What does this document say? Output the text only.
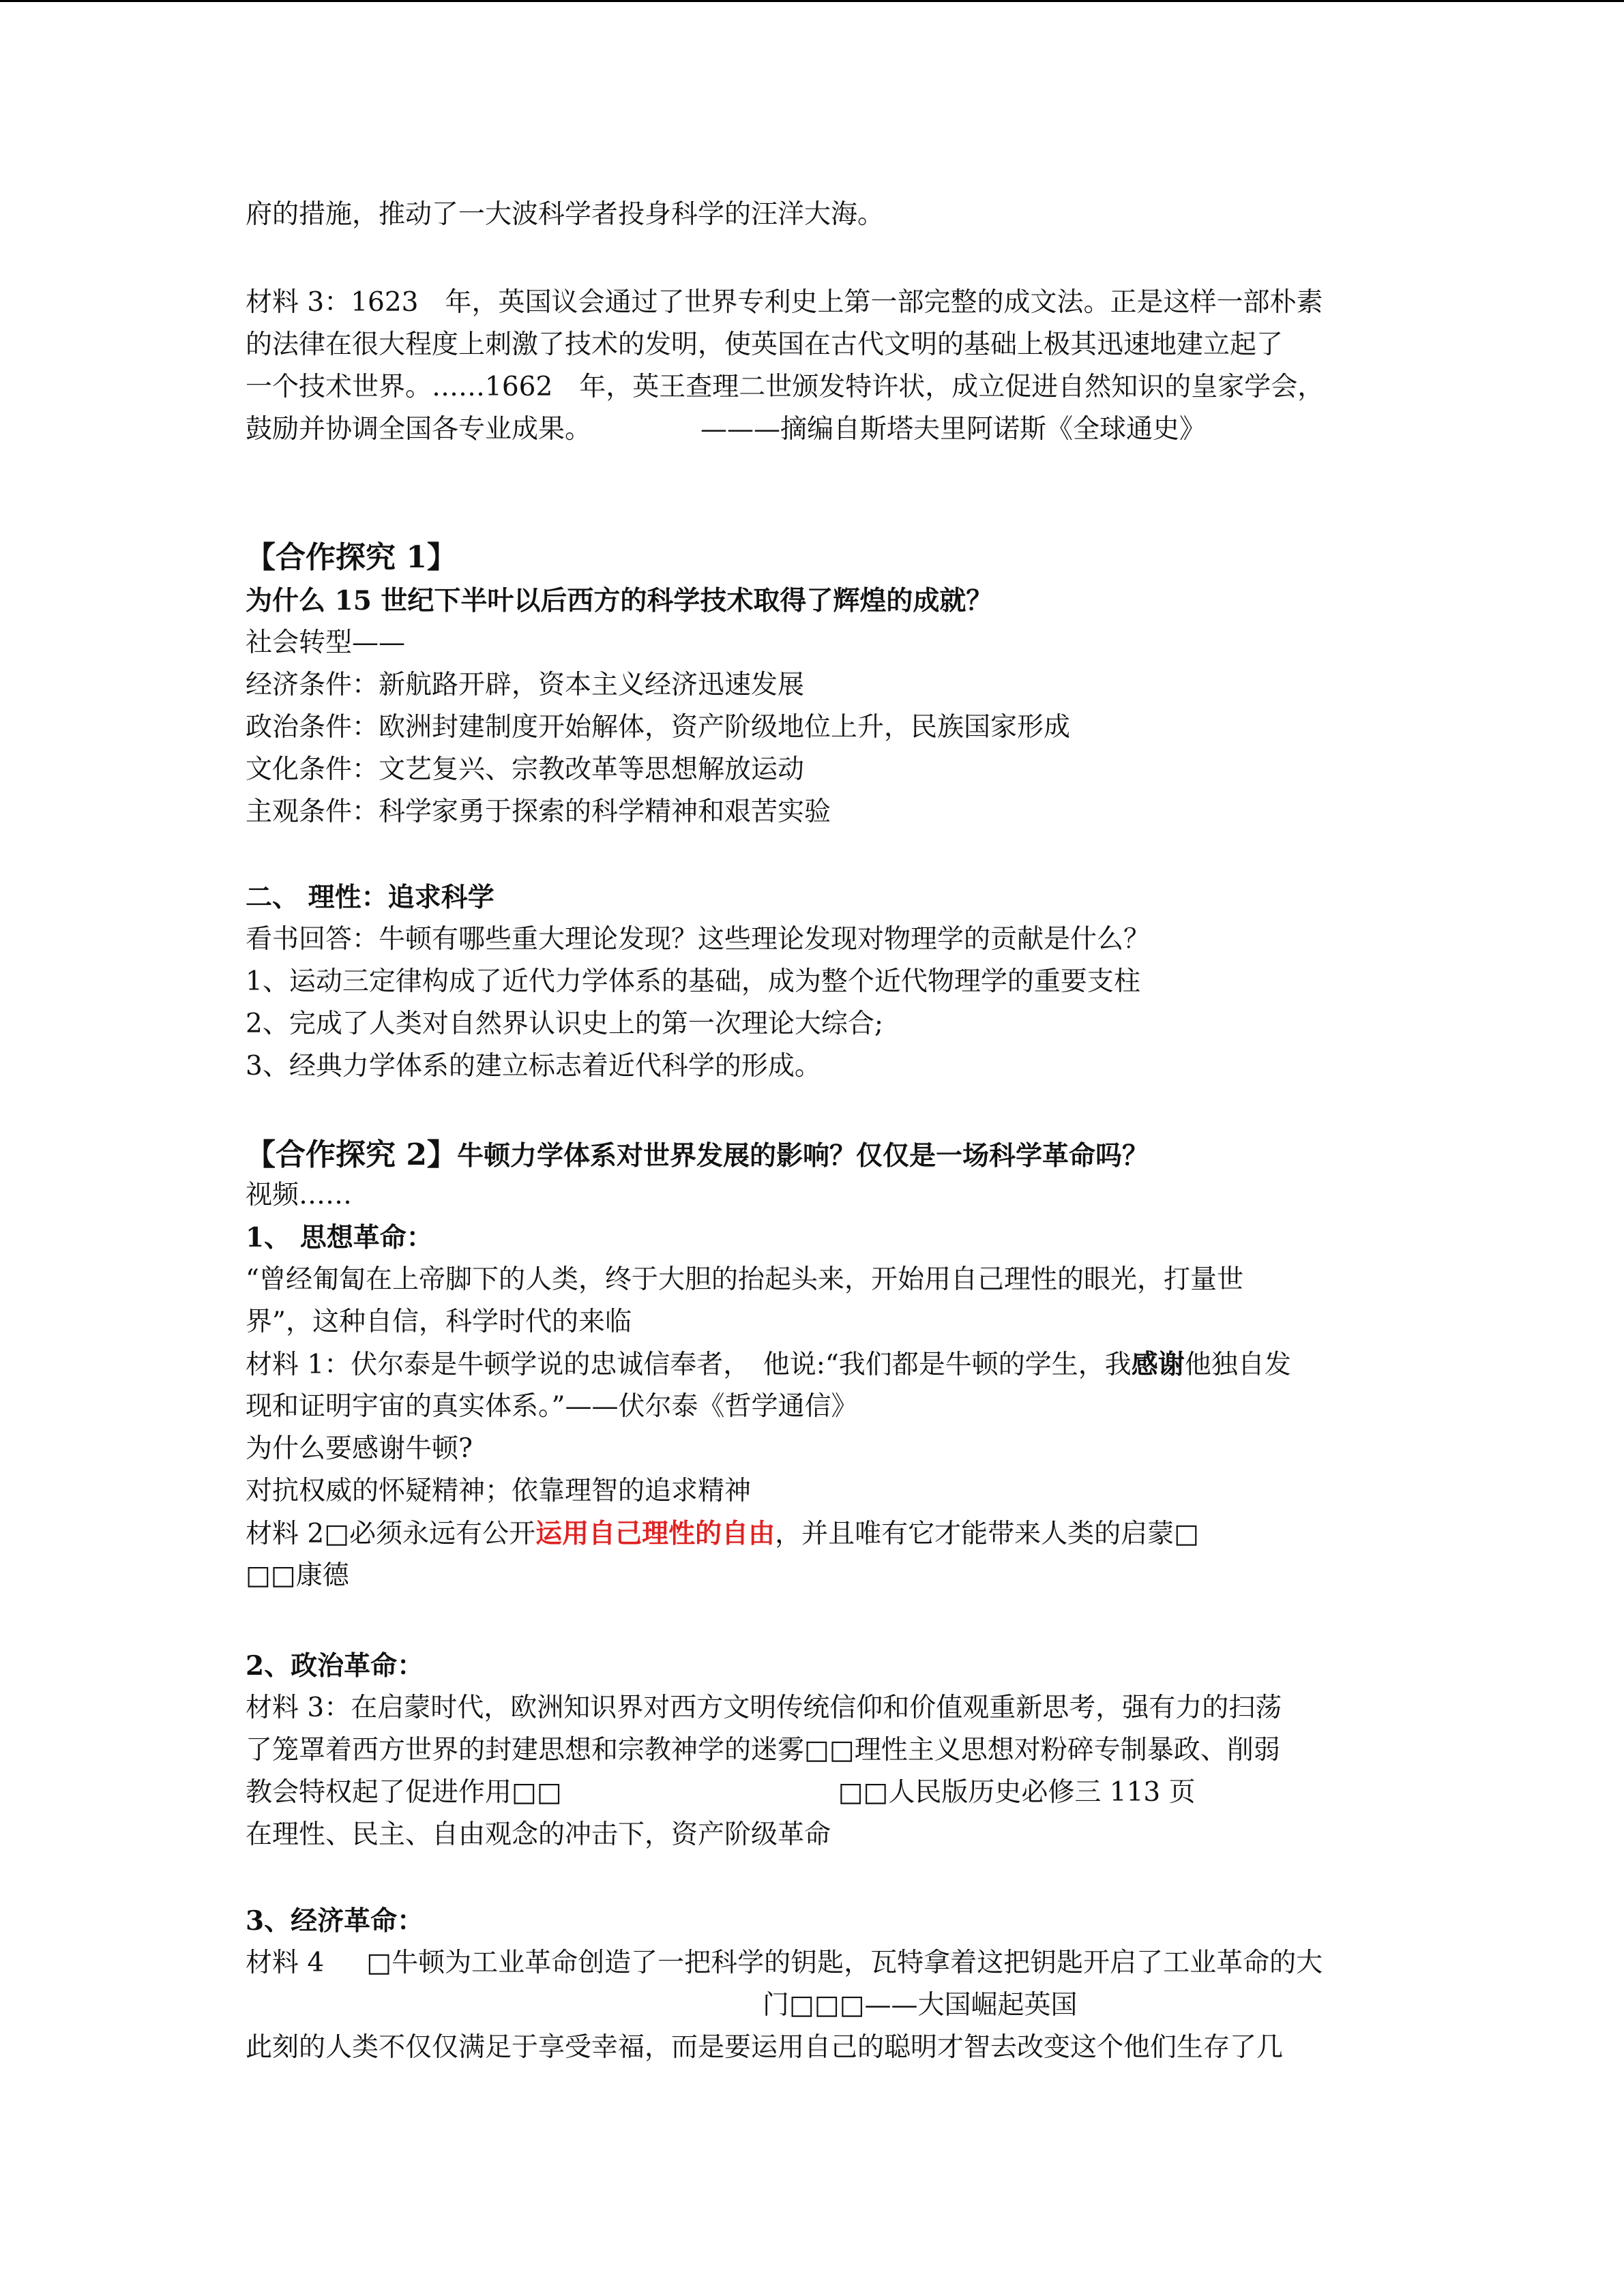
府的措施，推动了一大波科学者投身科学的汪洋大海。
材料 3：1623　年，英国议会通过了世界专利史上第一部完整的成文法。正是这样一部朴素
的法律在很大程度上刺激了技术的发明，使英国在古代文明的基础上极其迅速地建立起了
一个技术世界。……1662　年，英王查理二世颁发特许状，成立促进自然知识的皇家学会，
鼓励并协调全国各专业成果。	———摘编自斯塔夫里阿诺斯《全球通史》
【合作探究 1】
为什么 15 世纪下半叶以后西方的科学技术取得了辉煌的成就？
社会转型——
经济条件：新航路开辟，资本主义经济迅速发展
政治条件：欧洲封建制度开始解体，资产阶级地位上升，民族国家形成
文化条件：文艺复兴、宗教改革等思想解放运动
主观条件：科学家勇于探索的科学精神和艰苦实验
二、 理性：追求科学
看书回答：牛顿有哪些重大理论发现？这些理论发现对物理学的贡献是什么？
1、运动三定律构成了近代力学体系的基础，成为整个近代物理学的重要支柱
2、完成了人类对自然界认识史上的第一次理论大综合;
3、经典力学体系的建立标志着近代科学的形成。
【合作探究 2】牛顿力学体系对世界发展的影响？仅仅是一场科学革命吗？
视频……
1、 思想革命：
“曾经匍匐在上帝脚下的人类，终于大胆的抬起头来，开始用自己理性的眼光，打量世
界”，这种自信，科学时代的来临
材料 1：伏尔泰是牛顿学说的忠诚信奉者，　他说:“我们都是牛顿的学生，我感谢他独自发
现和证明宇宙的真实体系。”——伏尔泰《哲学通信》
为什么要感谢牛顿?
对抗权威的怀疑精神；依靠理智的追求精神
材料 2□必须永远有公开运用自己理性的自由，并且唯有它才能带来人类的启蒙□
□□康德
2、政治革命：
材料 3：在启蒙时代，欧洲知识界对西方文明传统信仰和价值观重新思考，强有力的扫荡
了笼罩着西方世界的封建思想和宗教神学的迷雾□□理性主义思想对粉碎专制暴政、削弱
教会特权起了促进作用□□	□□人民版历史必修三 113 页
在理性、民主、自由观念的冲击下，资产阶级革命
3、经济革命：
材料 4 □牛顿为工业革命创造了一把科学的钥匙，瓦特拿着这把钥匙开启了工业革命的大
门□□□——大国崛起英国
此刻的人类不仅仅满足于享受幸福，而是要运用自己的聪明才智去改变这个他们生存了几
